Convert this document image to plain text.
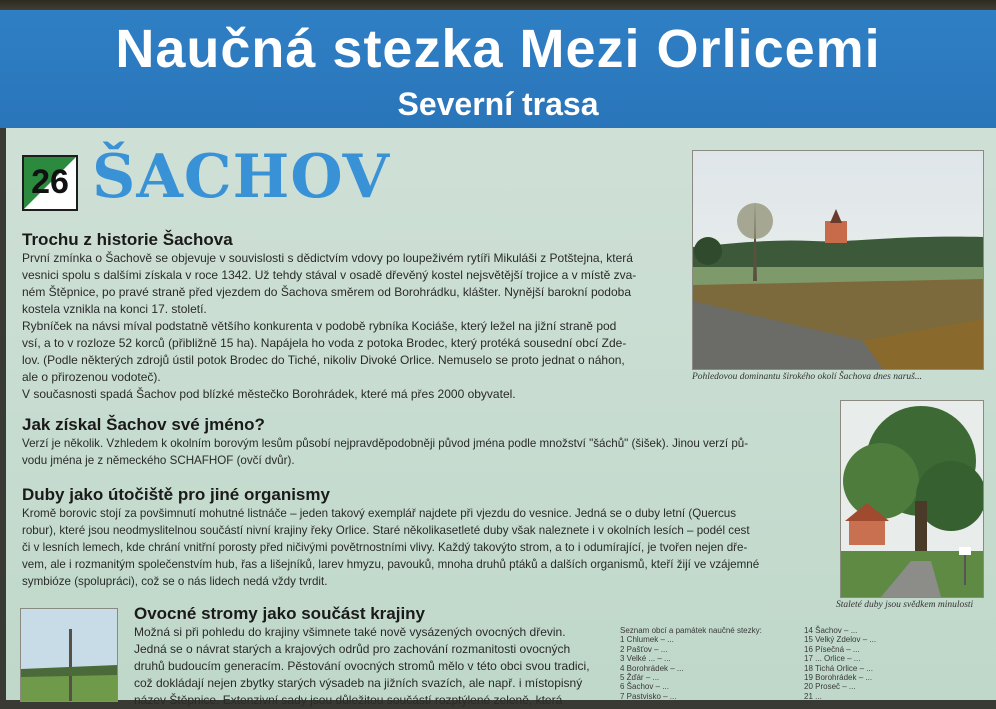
Naučná stezka Mezi Orlicemi
Severní trasa
26 ŠACHOV
Trochu z historie Šachova
První zmínka o Šachově se objevuje v souvislosti s dědictvím vdovy po loupeživém rytíři Mikuláši z Potštejna, která
vesnici spolu s dalšími získala v roce 1342. Už tehdy stával v osadě dřevěný kostel nejsvětější trojice a v místě zva-
ném Štěpnice, po pravé straně před vjezdem do Šachova směrem od Borohrádku, klášter. Nynější barokní podoba
kostela vznikla na konci 17. století.
Rybníček na návsi míval podstatně většího konkurenta v podobě rybníka Kociáše, který ležel na jižní straně pod
vsí, a to v rozloze 52 korců (přibližně 15 ha). Napájela ho voda z potoka Brodec, který protéká sousední obcí Zde-
lov. (Podle některých zdrojů ústil potok Brodec do Tiché, nikoliv Divoké Orlice. Nemuselo se proto jednat o náhon,
ale o přirozenou vodoteč).
V současnosti spadá Šachov pod blízké městečko Borohrádek, které má přes 2000 obyvatel.
Jak získal Šachov své jméno?
Verzí je několik. Vzhledem k okolním borovým lesům působí nejpravděpodobněji původ jména podle množství "šáchů" (šišek). Jinou verzí pů-
vodu jména je z německého SCHAFHOF (ovčí dvůr).
Duby jako útočiště pro jiné organismy
Kromě borovic stojí za povšimnutí mohutné listnáče – jeden takový exemplář najdete při vjezdu do vesnice. Jedná se o duby letní (Quercus
robur), které jsou neodmyslitelnou součástí nivní krajiny řeky Orlice. Staré několikasetleté duby však naleznete i v okolních lesích – podél cest
či v lesních lemech, kde chrání vnitřní porosty před ničivými povětrnostními vlivy. Každý takovýto strom, a to i odumírající, je tvořen nejen dře-
vem, ale i rozmanitým společenstvím hub, řas a lišejníků, larev hmyzu, pavouků, mnoha druhů ptáků a dalších organismů, kteří žijí ve vzájemné
symbióze (spolupráci), což se o nás lidech nedá vždy tvrdit.
Ovocné stromy jako součást krajiny
Možná si při pohledu do krajiny všimnete také nově vysázených ovocných dřevin.
Jedná se o návrat starých a krajových odrůd pro zachování rozmanitosti ovocných
druhů budoucím generacím. Pěstování ovocných stromů mělo v této obci svou tradici,
což dokládají nejen zbytky starých výsadeb na jižních svazích, ale např. i místopisný
název Štěpnice. Extenzivní sady jsou důležitou součástí rozptýlené zeleně, která
Pohledovou dominantu širokého okolí Šachova dnes naruš...
Staleté duby jsou svědkem minulosti
Seznam obcí a památek naučné stezky:
1 Chlumek – ...
2 Pašťov – ...
3 Velké ... – ...
4 Borohrádek – ...
5 Žďár – ...
6 Šachov – ...
7 Pastvisko – ...
14 Šachov – ...
15 Velký Zdelov – ...
16 Písečná – ...
17 ... Orlice – ...
18 Tichá Orlice – ...
19 Borohrádek – ...
20 Proseč – ...
21 ...
